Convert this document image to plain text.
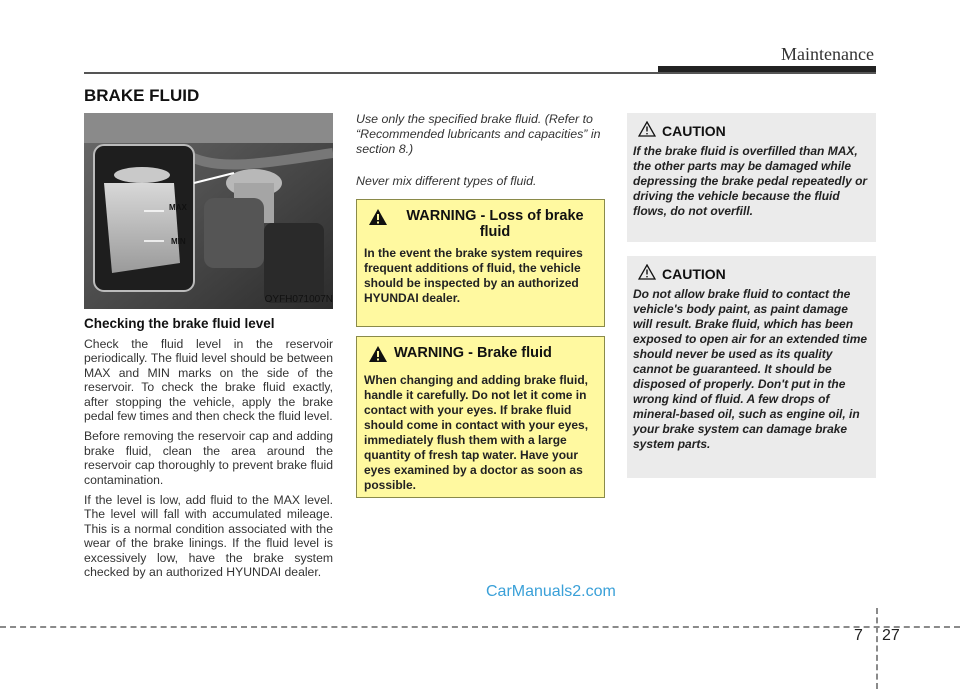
Maintenance
BRAKE FLUID
MAX
MIN
OYFH071007N

Checking the brake fluid level

Check the fluid level in the reservoir periodically. The fluid level should be between MAX and MIN marks on the side of the reservoir. To check the brake fluid exactly, after stopping the vehicle, apply the brake pedal few times and then check the fluid level.

Before removing the reservoir cap and adding brake fluid, clean the area around the reservoir cap thoroughly to prevent brake fluid contamination.

If the level is low, add fluid to the MAX level. The level will fall with accumulated mileage. This is a normal condition associated with the wear of the brake linings. If the fluid level is excessively low, have the brake system checked by an authorized HYUNDAI dealer.

Use only the specified brake fluid. (Refer to “Recommended lubricants and capacities” in section 8.)

Never mix different types of fluid.

WARNING - Loss of brake fluid
In the event the brake system requires frequent additions of fluid, the vehicle should be inspected by an authorized HYUNDAI dealer.
WARNING - Brake fluid
When changing and adding brake fluid, handle it carefully. Do not let it come in contact with your eyes. If brake fluid should come in contact with your eyes, immediately flush them with a large quantity of fresh tap water. Have your eyes examined by a doctor as soon as possible.
CAUTION
If the brake fluid is overfilled than MAX, the other parts may be damaged while depressing the brake pedal repeatedly or driving the vehicle because the fluid flows, do not overfill.
CAUTION
Do not allow brake fluid to contact the vehicle's body paint, as paint damage will result. Brake fluid, which has been exposed to open air for an extended time should never be used as its quality cannot be guaranteed. It should be disposed of properly. Don't put in the wrong kind of fluid. A few drops of mineral-based oil, such as engine oil, in your brake system can damage brake system parts.
CarManuals2.com
7 27
